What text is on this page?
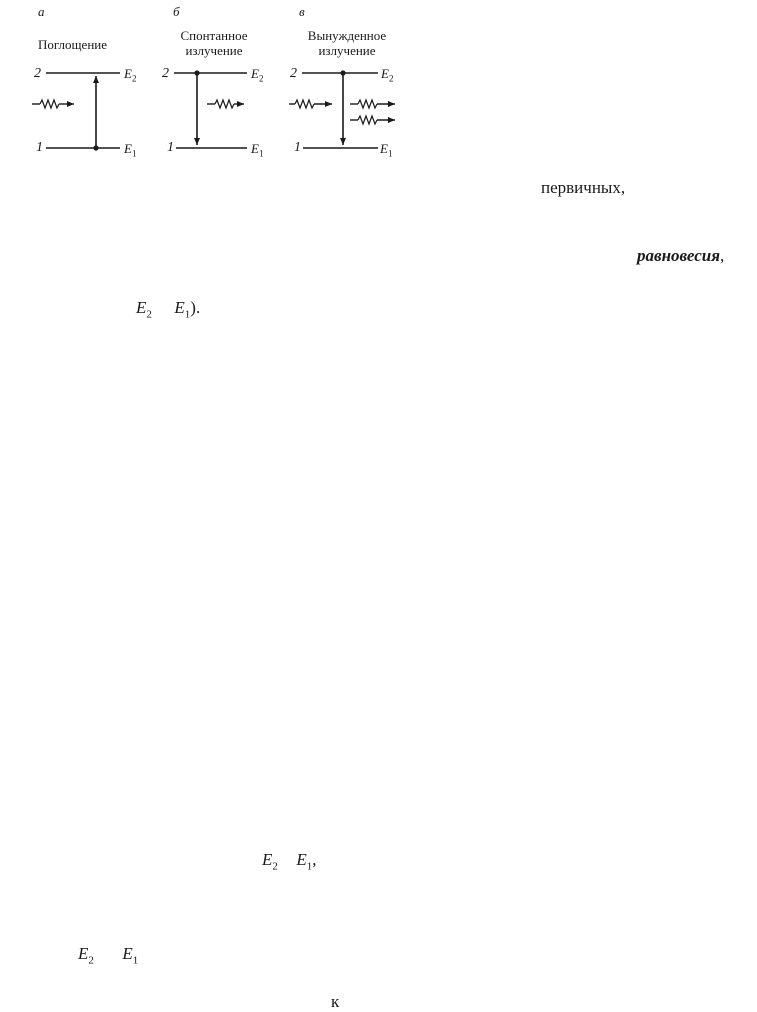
а	б	в
Поглощение
Спонтанное
излучение
Вынужденное
излучение
2
1
$E_2$
$E_1$
2
1
$E_2$
$E_1$
2
1
$E_2$
$E_1$
первичных,
равновесия,
$E_2$ $E_1$).
$E_2$ $E_1$,
$E_2$ $E_1$
к
